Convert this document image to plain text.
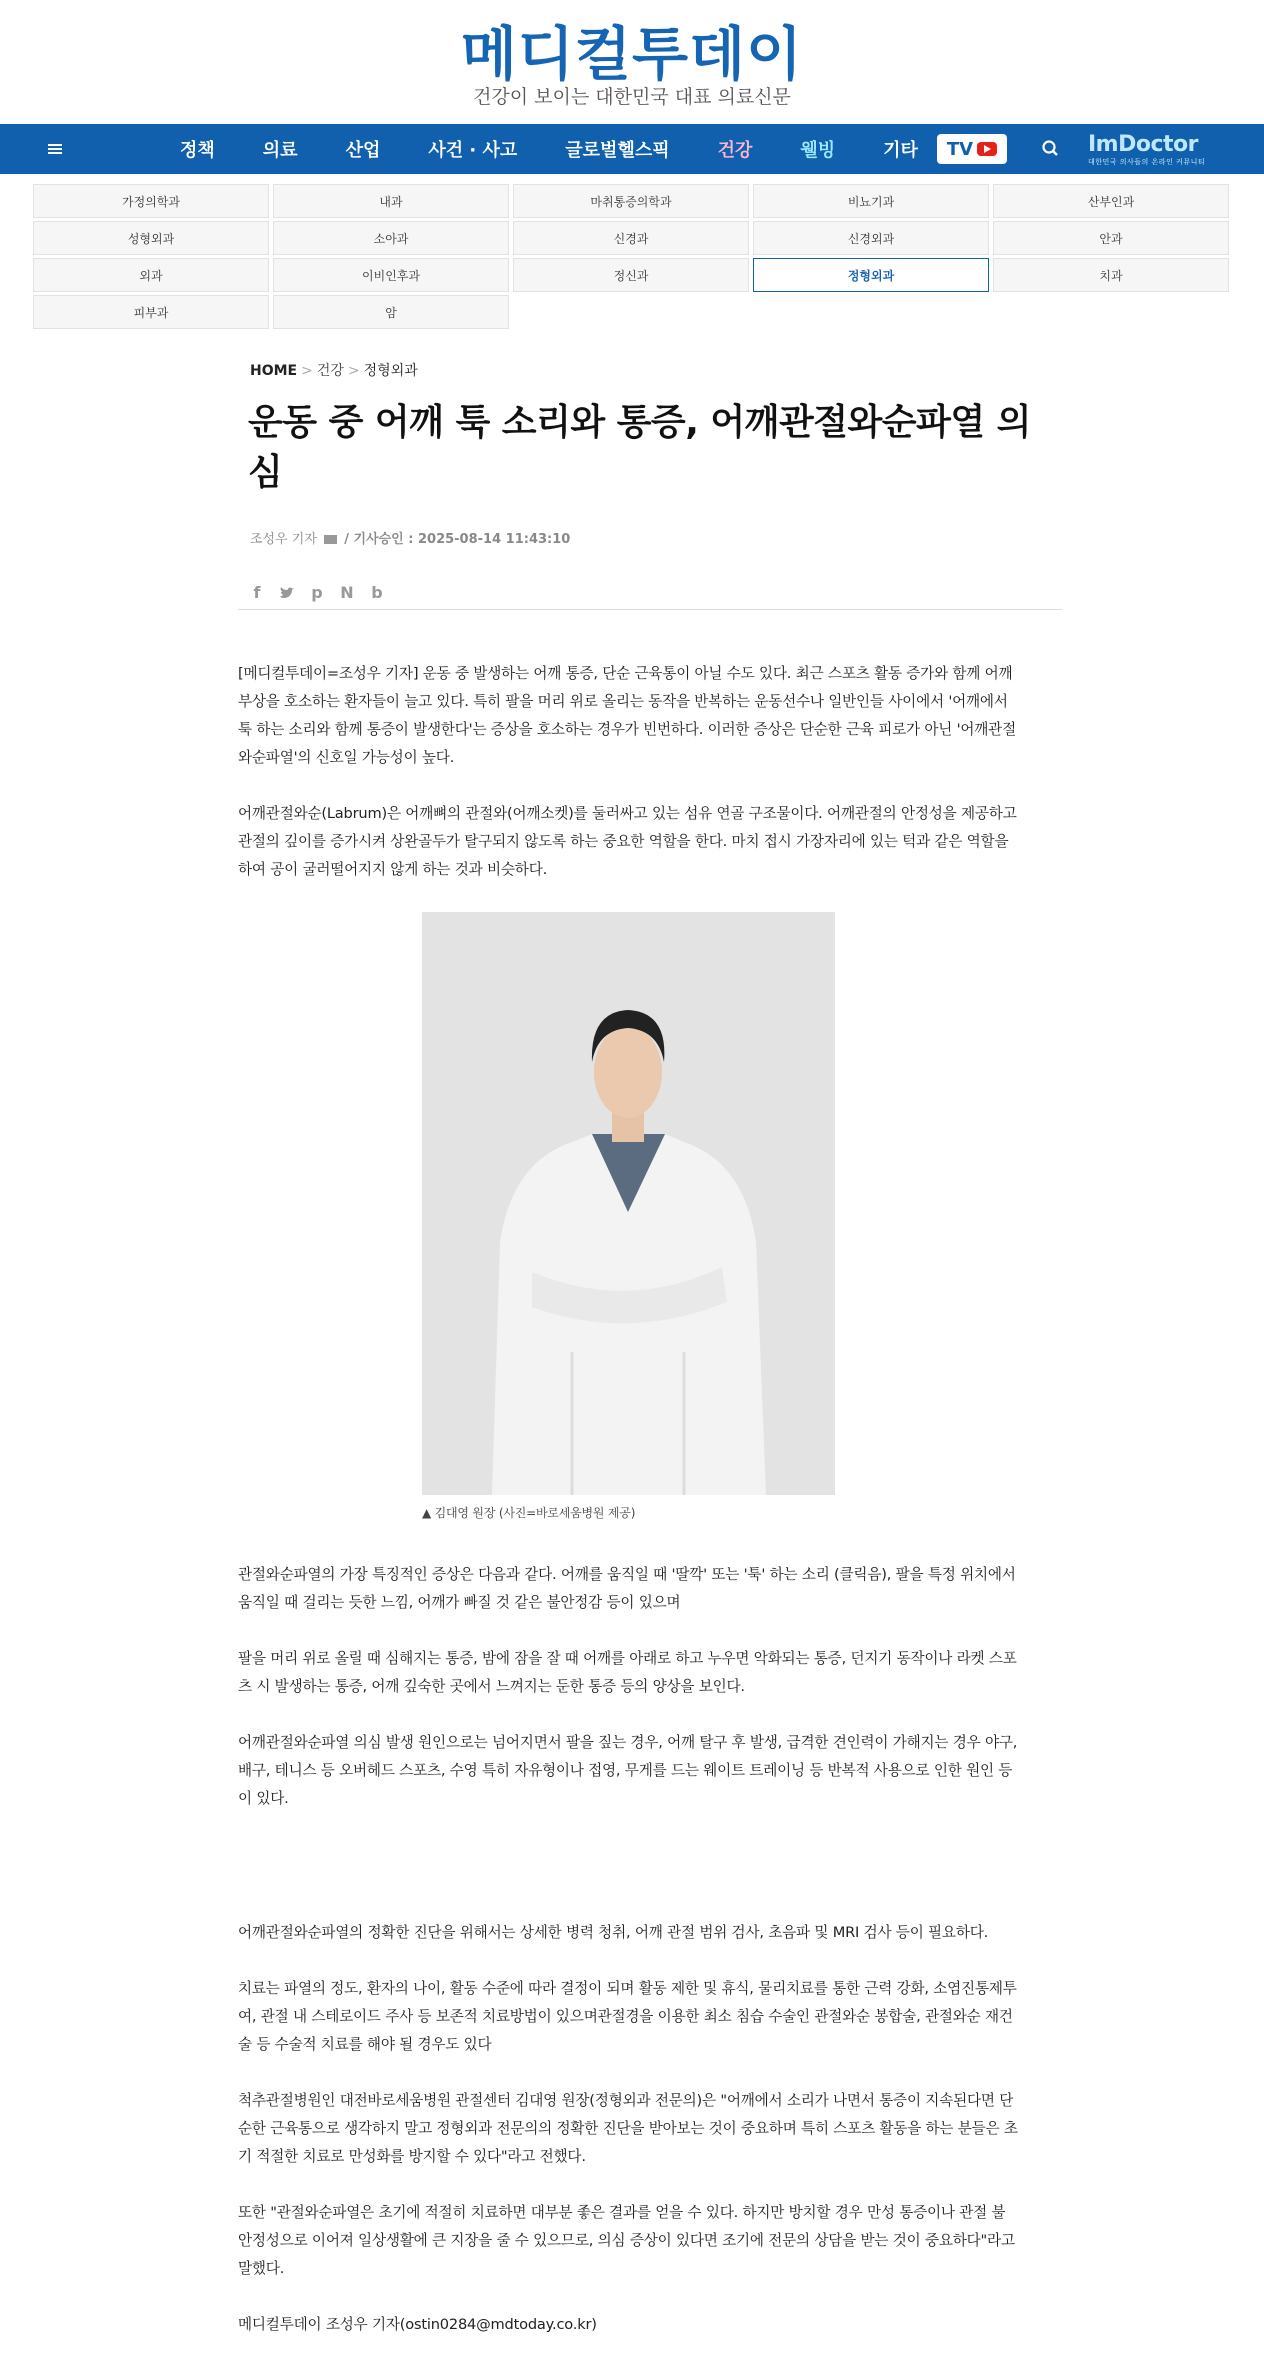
메디컬투데이
건강이 보이는 대한민국 대표 의료신문
정책	의료	산업	사건 · 사고	글로벌헬스픽	건강	웰빙	기타 TV	ImDoctor
대한민국 의사들의 온라인 커뮤니티
가정의학과	내과	마취통증의학과	비뇨기과	산부인과
성형외과	소아과	신경과	신경외과	안과
외과	이비인후과	정신과	정형외과	치과
피부과	암
HOME > 건강 > 정형외과
운동 중 어깨 툭 소리와 통증, 어깨관절와순파열 의심
조성우 기자 / 기사승인 : 2025-08-14 11:43:10
f	p N b

[메디컬투데이=조성우 기자] 운동 중 발생하는 어깨 통증, 단순 근육통이 아닐 수도 있다. 최근 스포츠 활동 증가와 함께 어깨 부상을 호소하는 환자들이 늘고 있다. 특히 팔을 머리 위로 올리는 동작을 반복하는 운동선수나 일반인들 사이에서 '어깨에서 툭 하는 소리와 함께 통증이 발생한다'는 증상을 호소하는 경우가 빈번하다. 이러한 증상은 단순한 근육 피로가 아닌 '어깨관절와순파열'의 신호일 가능성이 높다.

어깨관절와순(Labrum)은 어깨뼈의 관절와(어깨소켓)를 둘러싸고 있는 섬유 연골 구조물이다. 어깨관절의 안정성을 제공하고 관절의 깊이를 증가시켜 상완골두가 탈구되지 않도록 하는 중요한 역할을 한다. 마치 접시 가장자리에 있는 턱과 같은 역할을 하여 공이 굴러떨어지지 않게 하는 것과 비슷하다.

▲ 김대영 원장 (사진=바로세움병원 제공)

관절와순파열의 가장 특징적인 증상은 다음과 같다. 어깨를 움직일 때 '딸깍' 또는 '툭' 하는 소리 (클릭음), 팔을 특정 위치에서 움직일 때 걸리는 듯한 느낌, 어깨가 빠질 것 같은 불안정감 등이 있으며

팔을 머리 위로 올릴 때 심해지는 통증, 밤에 잠을 잘 때 어깨를 아래로 하고 누우면 악화되는 통증, 던지기 동작이나 라켓 스포츠 시 발생하는 통증, 어깨 깊숙한 곳에서 느껴지는 둔한 통증 등의 양상을 보인다.

어깨관절와순파열 의심 발생 원인으로는 넘어지면서 팔을 짚는 경우, 어깨 탈구 후 발생, 급격한 견인력이 가해지는 경우 야구, 배구, 테니스 등 오버헤드 스포츠, 수영 특히 자유형이나 접영, 무게를 드는 웨이트 트레이닝 등 반복적 사용으로 인한 원인 등이 있다.

어깨관절와순파열의 정확한 진단을 위해서는 상세한 병력 청취, 어깨 관절 범위 검사, 초음파 및 MRI 검사 등이 필요하다.

치료는 파열의 정도, 환자의 나이, 활동 수준에 따라 결정이 되며 활동 제한 및 휴식, 물리치료를 통한 근력 강화, 소염진통제투여, 관절 내 스테로이드 주사 등 보존적 치료방법이 있으며관절경을 이용한 최소 침습 수술인 관절와순 봉합술, 관절와순 재건술 등 수술적 치료를 해야 될 경우도 있다

척추관절병원인 대전바로세움병원 관절센터 김대영 원장(정형외과 전문의)은 "어깨에서 소리가 나면서 통증이 지속된다면 단순한 근육통으로 생각하지 말고 정형외과 전문의의 정확한 진단을 받아보는 것이 중요하며 특히 스포츠 활동을 하는 분들은 초기 적절한 치료로 만성화를 방지할 수 있다"라고 전했다.

또한 "관절와순파열은 초기에 적절히 치료하면 대부분 좋은 결과를 얻을 수 있다. 하지만 방치할 경우 만성 통증이나 관절 불안정성으로 이어져 일상생활에 큰 지장을 줄 수 있으므로, 의심 증상이 있다면 조기에 전문의 상담을 받는 것이 중요하다"라고 말했다.

메디컬투데이 조성우 기자(ostin0284@mdtoday.co.kr)
